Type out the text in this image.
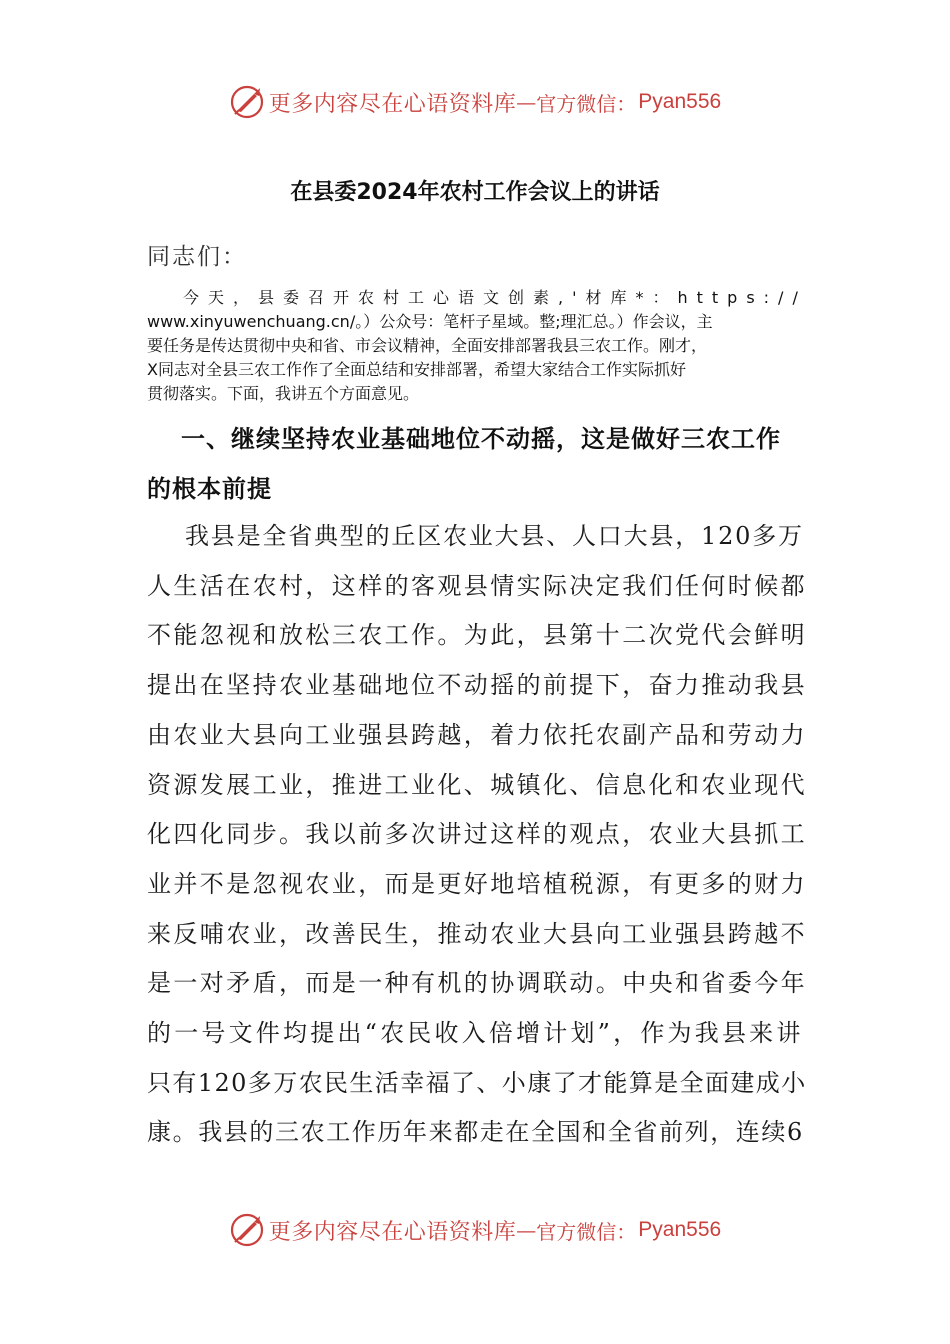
更多内容尽在心语资料库 — 官方微信： Pyan556
在县委2024年农村工作会议上的讲话
同志们：
今天，县委召开农村工心语文创素,'材库*：https://
www.xinyuwenchuang.cn/。）公众号：笔杆子星域。整;理汇总。）作会议，主
要任务是传达贯彻中央和省、市会议精神，全面安排部署我县三农工作。刚才，
X同志对全县三农工作作了全面总结和安排部署，希望大家结合工作实际抓好
贯彻落实。下面，我讲五个方面意见。
一、继续坚持农业基础地位不动摇，这是做好三农工作
的根本前提
我县是全省典型的丘区农业大县、人口大县，120多万
人生活在农村，这样的客观县情实际决定我们任何时候都
不能忽视和放松三农工作。为此，县第十二次党代会鲜明
提出在坚持农业基础地位不动摇的前提下，奋力推动我县
由农业大县向工业强县跨越，着力依托农副产品和劳动力
资源发展工业，推进工业化、城镇化、信息化和农业现代
化四化同步。我以前多次讲过这样的观点，农业大县抓工
业并不是忽视农业，而是更好地培植税源，有更多的财力
来反哺农业，改善民生，推动农业大县向工业强县跨越不
是一对矛盾，而是一种有机的协调联动。中央和省委今年
的一号文件均提出“农民收入倍增计划”，作为我县来讲
只有120多万农民生活幸福了、小康了才能算是全面建成小
康。我县的三农工作历年来都走在全国和全省前列，连续6
更多内容尽在心语资料库 — 官方微信： Pyan556
